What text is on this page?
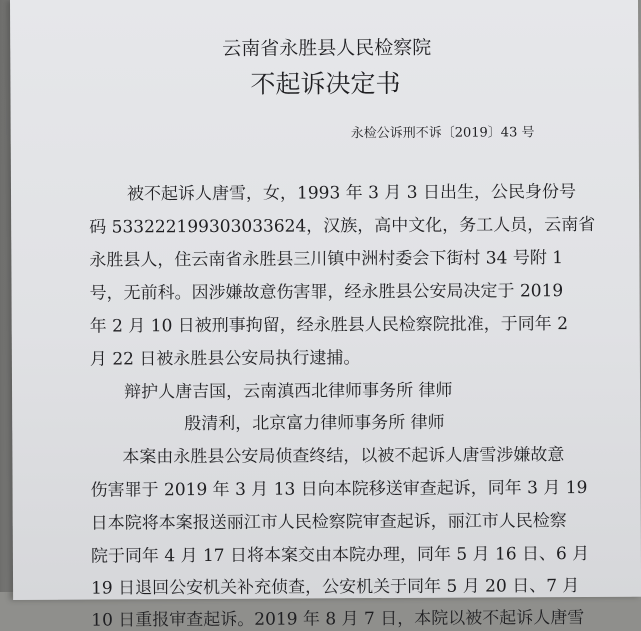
云南省永胜县人民检察院
不起诉决定书
永检公诉刑不诉〔2019〕43 号
被不起诉人唐雪，女，1993 年 3 月 3 日出生，公民身份号
码 533222199303033624，汉族，高中文化，务工人员，云南省
永胜县人，住云南省永胜县三川镇中洲村委会下街村 34 号附 1
号，无前科。因涉嫌故意伤害罪，经永胜县公安局决定于 2019
年 2 月 10 日被刑事拘留，经永胜县人民检察院批准，于同年 2
月 22 日被永胜县公安局执行逮捕。
辩护人唐吉国，云南滇西北律师事务所 律师
殷清利，北京富力律师事务所 律师
本案由永胜县公安局侦查终结，以被不起诉人唐雪涉嫌故意
伤害罪于 2019 年 3 月 13 日向本院移送审查起诉，同年 3 月 19
日本院将本案报送丽江市人民检察院审查起诉，丽江市人民检察
院于同年 4 月 17 日将本案交由本院办理，同年 5 月 16 日、6 月
19 日退回公安机关补充侦查，公安机关于同年 5 月 20 日、7 月
10 日重报审查起诉。2019 年 8 月 7 日，本院以被不起诉人唐雪
